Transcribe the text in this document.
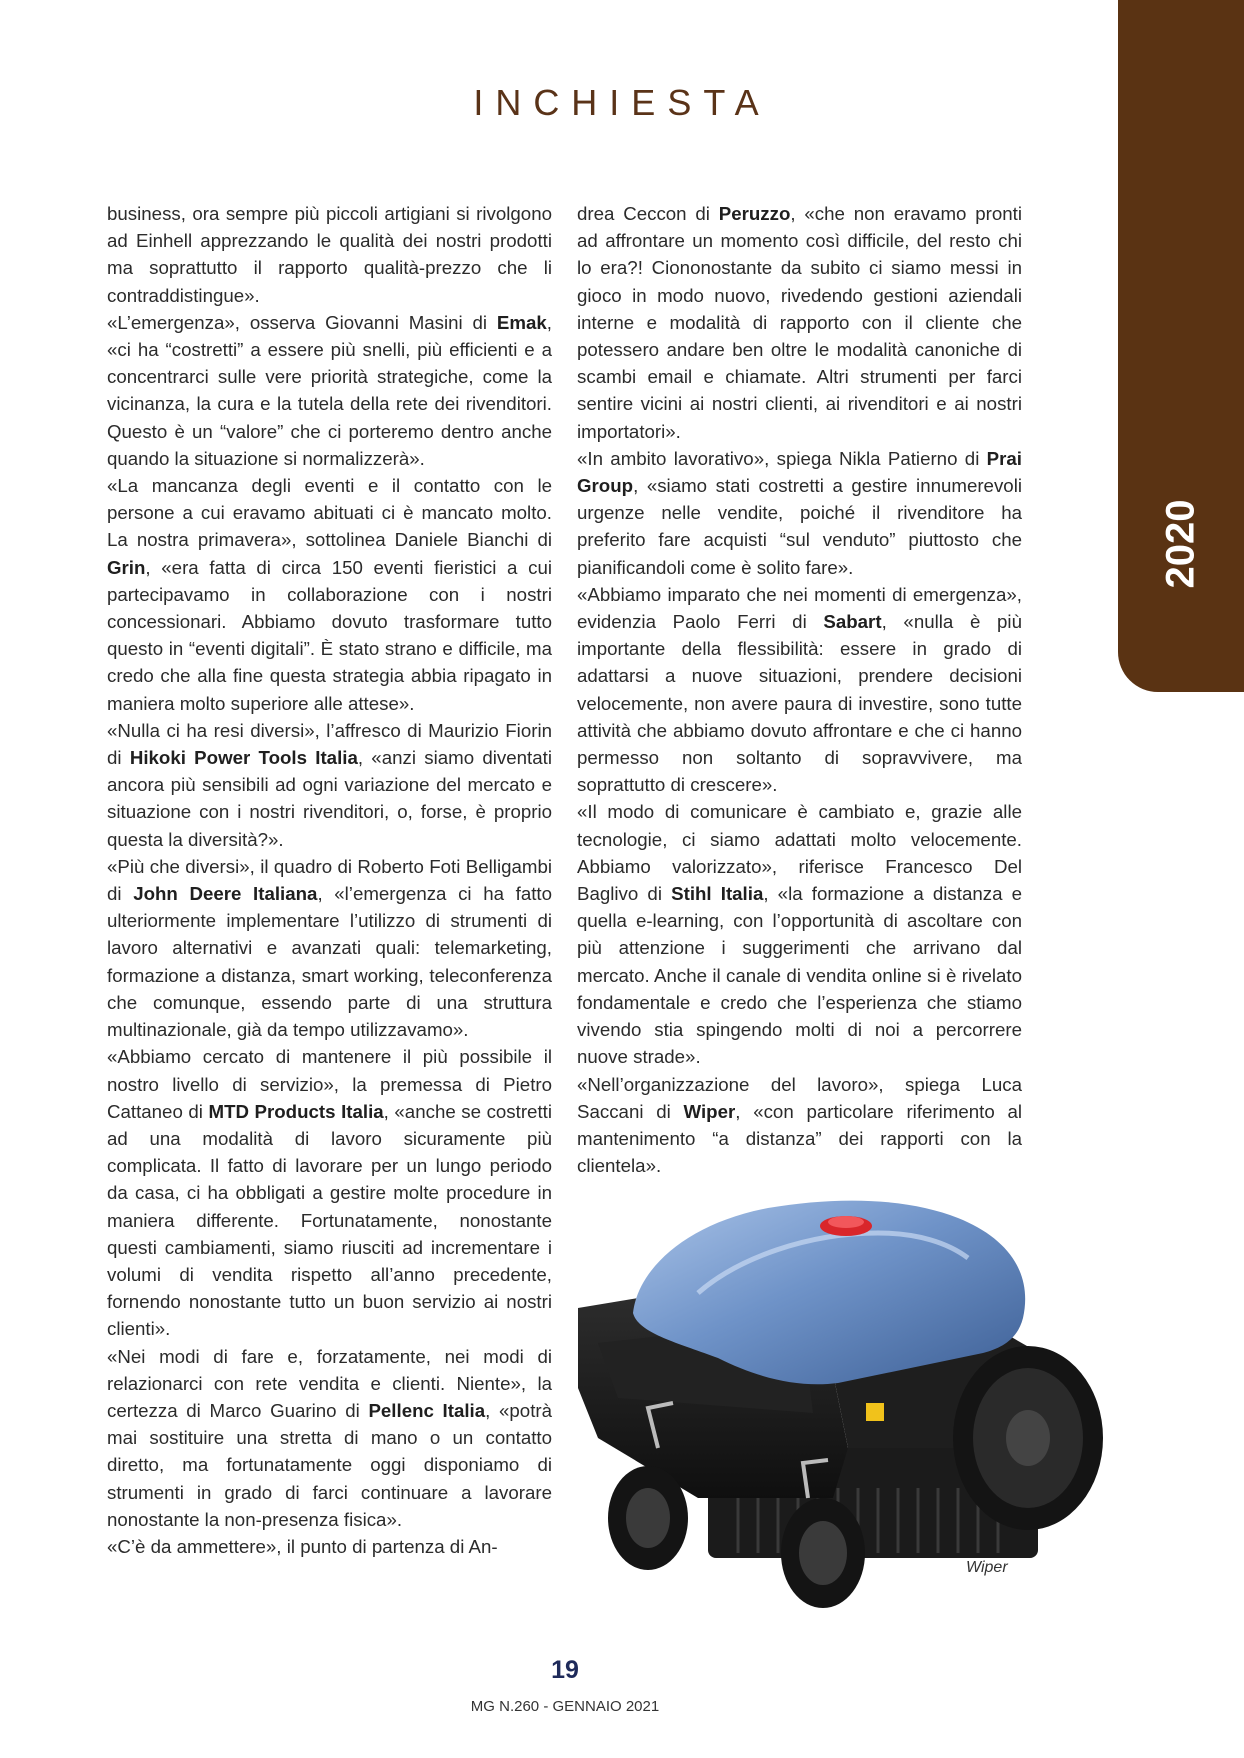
INCHIESTA
2020

business, ora sempre più piccoli artigiani si rivolgono ad Einhell apprezzando le qualità dei nostri prodotti ma soprattutto il rapporto qualità-prezzo che li contraddistingue».

«L’emergenza», osserva Giovanni Masini di Emak, «ci ha “costretti” a essere più snelli, più efficienti e a concentrarci sulle vere priorità strategiche, come la vicinanza, la cura e la tutela della rete dei rivenditori. Questo è un “valore” che ci porteremo dentro anche quando la situazione si normalizzerà».

«La mancanza degli eventi e il contatto con le persone a cui eravamo abituati ci è mancato molto. La nostra primavera», sottolinea Daniele Bianchi di Grin, «era fatta di circa 150 eventi fieristici a cui partecipavamo in collaborazione con i nostri concessionari. Abbiamo dovuto trasformare tutto questo in “eventi digitali”. È stato strano e difficile, ma credo che alla fine questa strategia abbia ripagato in maniera molto superiore alle attese».

«Nulla ci ha resi diversi», l’affresco di Maurizio Fiorin di Hikoki Power Tools Italia, «anzi siamo diventati ancora più sensibili ad ogni variazione del mercato e situazione con i nostri rivenditori, o, forse, è proprio questa la diversità?».

«Più che diversi», il quadro di Roberto Foti Belligambi di John Deere Italiana, «l’emergenza ci ha fatto ulteriormente implementare l’utilizzo di strumenti di lavoro alternativi e avanzati quali: telemarketing, formazione a distanza, smart working, teleconferenza che comunque, essendo parte di una struttura multinazionale, già da tempo utilizzavamo».

«Abbiamo cercato di mantenere il più possibile il nostro livello di servizio», la premessa di Pietro Cattaneo di MTD Products Italia, «anche se costretti ad una modalità di lavoro sicuramente più complicata. Il fatto di lavorare per un lungo periodo da casa, ci ha obbligati a gestire molte procedure in maniera differente. Fortunatamente, nonostante questi cambiamenti, siamo riusciti ad incrementare i volumi di vendita rispetto all’anno precedente, fornendo nonostante tutto un buon servizio ai nostri clienti».

«Nei modi di fare e, forzatamente, nei modi di relazionarci con rete vendita e clienti. Niente», la certezza di Marco Guarino di Pellenc Italia, «potrà mai sostituire una stretta di mano o un contatto diretto, ma fortunatamente oggi disponiamo di strumenti in grado di farci continuare a lavorare nonostante la non-presenza fisica».

«C’è da ammettere», il punto di partenza di An-

drea Ceccon di Peruzzo, «che non eravamo pronti ad affrontare un momento così difficile, del resto chi lo era?! Ciononostante da subito ci siamo messi in gioco in modo nuovo, rivedendo gestioni aziendali interne e modalità di rapporto con il cliente che potessero andare ben oltre le modalità canoniche di scambi email e chiamate. Altri strumenti per farci sentire vicini ai nostri clienti, ai rivenditori e ai nostri importatori».

«In ambito lavorativo», spiega Nikla Patierno di Prai Group, «siamo stati costretti a gestire innumerevoli urgenze nelle vendite, poiché il rivenditore ha preferito fare acquisti “sul venduto” piuttosto che pianificandoli come è solito fare».

«Abbiamo imparato che nei momenti di emergenza», evidenzia Paolo Ferri di Sabart, «nulla è più importante della flessibilità: essere in grado di adattarsi a nuove situazioni, prendere decisioni velocemente, non avere paura di investire, sono tutte attività che abbiamo dovuto affrontare e che ci hanno permesso non soltanto di sopravvivere, ma soprattutto di crescere».

«Il modo di comunicare è cambiato e, grazie alle tecnologie, ci siamo adattati molto velocemente. Abbiamo valorizzato», riferisce Francesco Del Baglivo di Stihl Italia, «la formazione a distanza e quella e-learning, con l’opportunità di ascoltare con più attenzione i suggerimenti che arrivano dal mercato. Anche il canale di vendita online si è rivelato fondamentale e credo che l’esperienza che stiamo vivendo stia spingendo molti di noi a percorrere nuove strade».

«Nell’organizzazione del lavoro», spiega Luca Saccani di Wiper, «con particolare riferimento al mantenimento “a distanza” dei rapporti con la clientela».

Wiper
19
MG N.260 - GENNAIO 2021
